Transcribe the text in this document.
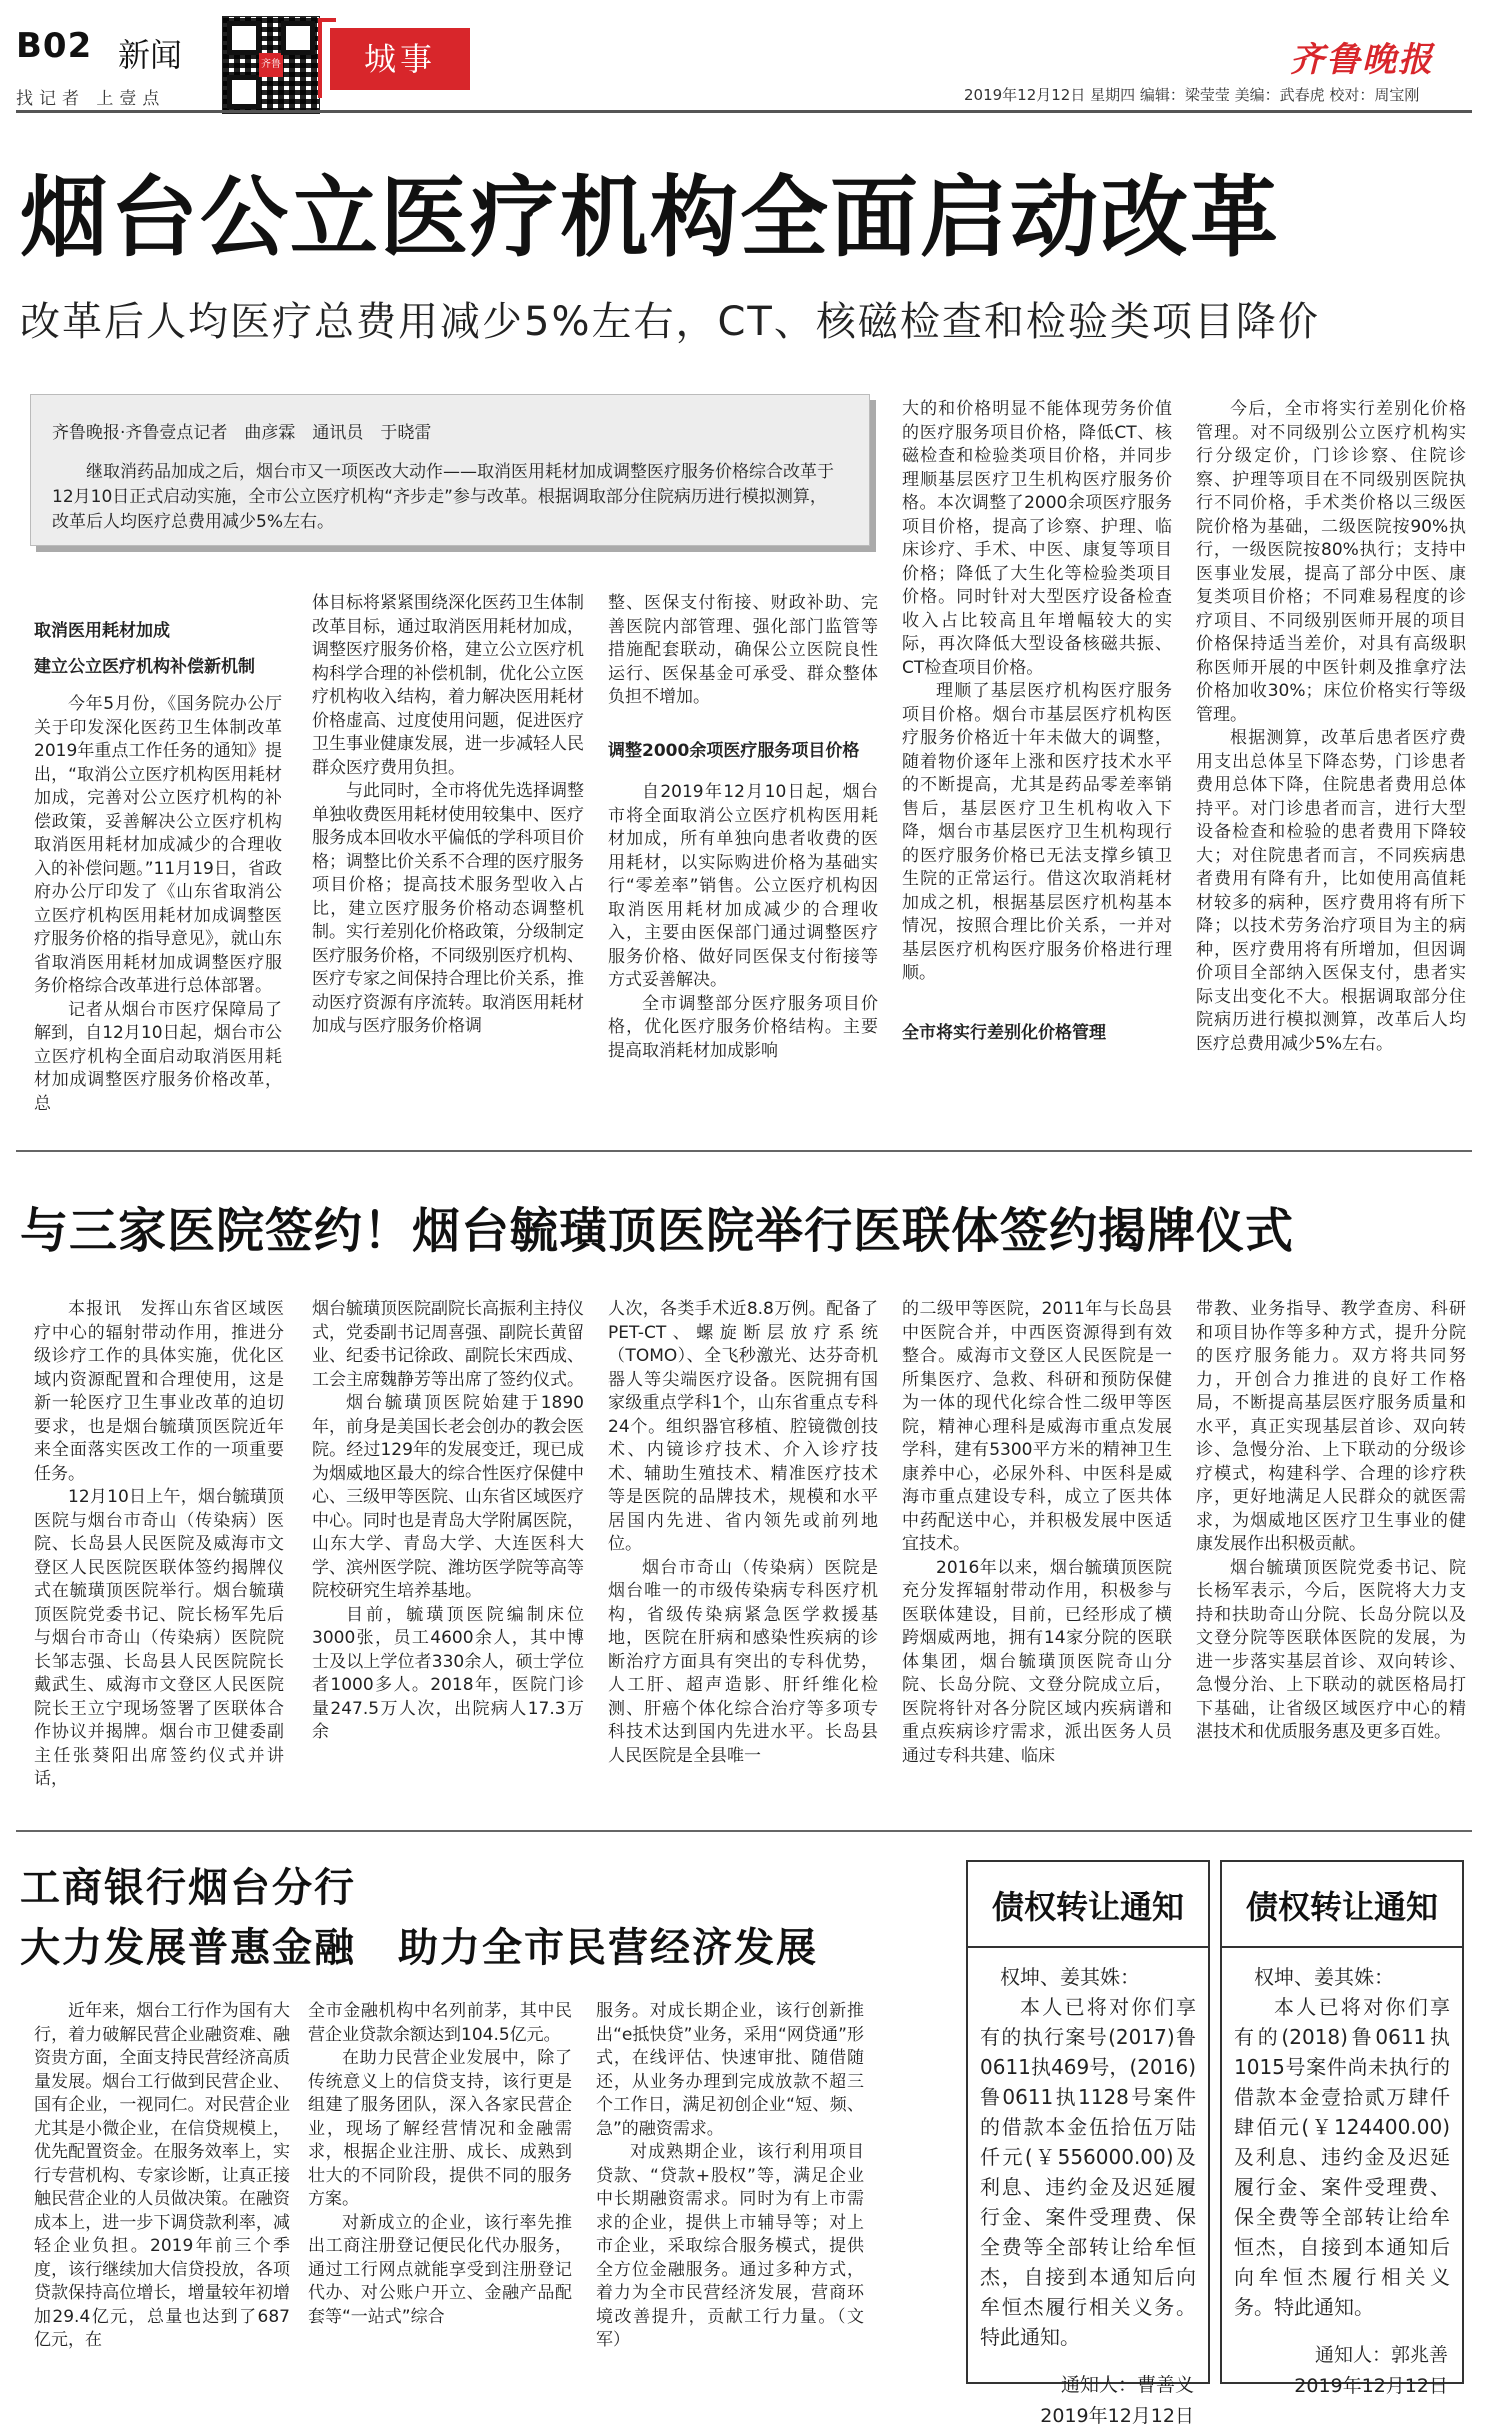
B02 新闻
找记者 上壹点
齐鲁	城事	齐鲁晚报
2019年12月12日 星期四 编辑：梁莹莹 美编：武春虎 校对：周宝刚
烟台公立医疗机构全面启动改革
改革后人均医疗总费用减少5%左右，CT、核磁检查和检验类项目降价
齐鲁晚报·齐鲁壹点记者　曲彦霖　通讯员　于晓雷

继取消药品加成之后，烟台市又一项医改大动作——取消医用耗材加成调整医疗服务价格综合改革于12月10日正式启动实施，全市公立医疗机构“齐步走”参与改革。根据调取部分住院病历进行模拟测算，改革后人均医疗总费用减少5%左右。

取消医用耗材加成
建立公立医疗机构补偿新机制

今年5月份，《国务院办公厅关于印发深化医药卫生体制改革2019年重点工作任务的通知》提出，“取消公立医疗机构医用耗材加成，完善对公立医疗机构的补偿政策，妥善解决公立医疗机构取消医用耗材加成减少的合理收入的补偿问题。”11月19日，省政府办公厅印发了《山东省取消公立医疗机构医用耗材加成调整医疗服务价格的指导意见》，就山东省取消医用耗材加成调整医疗服务价格综合改革进行总体部署。

记者从烟台市医疗保障局了解到，自12月10日起，烟台市公立医疗机构全面启动取消医用耗材加成调整医疗服务价格改革，总

体目标将紧紧围绕深化医药卫生体制改革目标，通过取消医用耗材加成，调整医疗服务价格，建立公立医疗机构科学合理的补偿机制，优化公立医疗机构收入结构，着力解决医用耗材价格虚高、过度使用问题，促进医疗卫生事业健康发展，进一步减轻人民群众医疗费用负担。

与此同时，全市将优先选择调整单独收费医用耗材使用较集中、医疗服务成本回收水平偏低的学科项目价格；调整比价关系不合理的医疗服务项目价格；提高技术服务型收入占比，建立医疗服务价格动态调整机制。实行差别化价格政策，分级制定医疗服务价格，不同级别医疗机构、医疗专家之间保持合理比价关系，推动医疗资源有序流转。取消医用耗材加成与医疗服务价格调

整、医保支付衔接、财政补助、完善医院内部管理、强化部门监管等措施配套联动，确保公立医院良性运行、医保基金可承受、群众整体负担不增加。

调整2000余项医疗服务项目价格

自2019年12月10日起，烟台市将全面取消公立医疗机构医用耗材加成，所有单独向患者收费的医用耗材，以实际购进价格为基础实行“零差率”销售。公立医疗机构因取消医用耗材加成减少的合理收入，主要由医保部门通过调整医疗服务价格、做好同医保支付衔接等方式妥善解决。

全市调整部分医疗服务项目价格，优化医疗服务价格结构。主要提高取消耗材加成影响

大的和价格明显不能体现劳务价值的医疗服务项目价格，降低CT、核磁检查和检验类项目价格，并同步理顺基层医疗卫生机构医疗服务价格。本次调整了2000余项医疗服务项目价格，提高了诊察、护理、临床诊疗、手术、中医、康复等项目价格；降低了大生化等检验类项目价格。同时针对大型医疗设备检查收入占比较高且年增幅较大的实际，再次降低大型设备核磁共振、CT检查项目价格。

理顺了基层医疗机构医疗服务项目价格。烟台市基层医疗机构医疗服务价格近十年未做大的调整，随着物价逐年上涨和医疗技术水平的不断提高，尤其是药品零差率销售后，基层医疗卫生机构收入下降，烟台市基层医疗卫生机构现行的医疗服务价格已无法支撑乡镇卫生院的正常运行。借这次取消耗材加成之机，根据基层医疗机构基本情况，按照合理比价关系，一并对基层医疗机构医疗服务价格进行理顺。

全市将实行差别化价格管理

今后，全市将实行差别化价格管理。对不同级别公立医疗机构实行分级定价，门诊诊察、住院诊察、护理等项目在不同级别医院执行不同价格，手术类价格以三级医院价格为基础，二级医院按90%执行，一级医院按80%执行；支持中医事业发展，提高了部分中医、康复类项目价格；不同难易程度的诊疗项目、不同级别医师开展的项目价格保持适当差价，对具有高级职称医师开展的中医针刺及推拿疗法价格加收30%；床位价格实行等级管理。

根据测算，改革后患者医疗费用支出总体呈下降态势，门诊患者费用总体下降，住院患者费用总体持平。对门诊患者而言，进行大型设备检查和检验的患者费用下降较大；对住院患者而言，不同疾病患者费用有降有升，比如使用高值耗材较多的病种，医疗费用将有所下降；以技术劳务治疗项目为主的病种，医疗费用将有所增加，但因调价项目全部纳入医保支付，患者实际支出变化不大。根据调取部分住院病历进行模拟测算，改革后人均医疗总费用减少5%左右。

与三家医院签约！烟台毓璜顶医院举行医联体签约揭牌仪式

本报讯　发挥山东省区域医疗中心的辐射带动作用，推进分级诊疗工作的具体实施，优化区域内资源配置和合理使用，这是新一轮医疗卫生事业改革的迫切要求，也是烟台毓璜顶医院近年来全面落实医改工作的一项重要任务。

12月10日上午，烟台毓璜顶医院与烟台市奇山（传染病）医院、长岛县人民医院及威海市文登区人民医院医联体签约揭牌仪式在毓璜顶医院举行。烟台毓璜顶医院党委书记、院长杨军先后与烟台市奇山（传染病）医院院长邹志强、长岛县人民医院院长戴武生、威海市文登区人民医院院长王立宁现场签署了医联体合作协议并揭牌。烟台市卫健委副主任张葵阳出席签约仪式并讲话，

烟台毓璜顶医院副院长高振利主持仪式，党委副书记周喜强、副院长黄留业、纪委书记徐政、副院长宋西成、工会主席魏静芳等出席了签约仪式。

烟台毓璜顶医院始建于1890年，前身是美国长老会创办的教会医院。经过129年的发展变迁，现已成为烟威地区最大的综合性医疗保健中心、三级甲等医院、山东省区域医疗中心。同时也是青岛大学附属医院，山东大学、青岛大学、大连医科大学、滨州医学院、潍坊医学院等高等院校研究生培养基地。

目前，毓璜顶医院编制床位3000张，员工4600余人，其中博士及以上学位者330余人，硕士学位者1000多人。2018年，医院门诊量247.5万人次，出院病人17.3万余

人次，各类手术近8.8万例。配备了PET-CT、螺旋断层放疗系统（TOMO）、全飞秒激光、达芬奇机器人等尖端医疗设备。医院拥有国家级重点学科1个，山东省重点专科24个。组织器官移植、腔镜微创技术、内镜诊疗技术、介入诊疗技术、辅助生殖技术、精准医疗技术等是医院的品牌技术，规模和水平居国内先进、省内领先或前列地位。

烟台市奇山（传染病）医院是烟台唯一的市级传染病专科医疗机构，省级传染病紧急医学救援基地，医院在肝病和感染性疾病的诊断治疗方面具有突出的专科优势，人工肝、超声造影、肝纤维化检测、肝癌个体化综合治疗等多项专科技术达到国内先进水平。长岛县人民医院是全县唯一

的二级甲等医院，2011年与长岛县中医院合并，中西医资源得到有效整合。威海市文登区人民医院是一所集医疗、急救、科研和预防保健为一体的现代化综合性二级甲等医院，精神心理科是威海市重点发展学科，建有5300平方米的精神卫生康养中心，必尿外科、中医科是威海市重点建设专科，成立了医共体中药配送中心，并积极发展中医适宜技术。

2016年以来，烟台毓璜顶医院充分发挥辐射带动作用，积极参与医联体建设，目前，已经形成了横跨烟威两地，拥有14家分院的医联体集团，烟台毓璜顶医院奇山分院、长岛分院、文登分院成立后，医院将针对各分院区域内疾病谱和重点疾病诊疗需求，派出医务人员通过专科共建、临床

带教、业务指导、教学查房、科研和项目协作等多种方式，提升分院的医疗服务能力。双方将共同努力，开创合力推进的良好工作格局，不断提高基层医疗服务质量和水平，真正实现基层首诊、双向转诊、急慢分治、上下联动的分级诊疗模式，构建科学、合理的诊疗秩序，更好地满足人民群众的就医需求，为烟威地区医疗卫生事业的健康发展作出积极贡献。

烟台毓璜顶医院党委书记、院长杨军表示，今后，医院将大力支持和扶助奇山分院、长岛分院以及文登分院等医联体医院的发展，为进一步落实基层首诊、双向转诊、急慢分治、上下联动的就医格局打下基础，让省级区域医疗中心的精湛技术和优质服务惠及更多百姓。

工商银行烟台分行
大力发展普惠金融　助力全市民营经济发展

近年来，烟台工行作为国有大行，着力破解民营企业融资难、融资贵方面，全面支持民营经济高质量发展。烟台工行做到民营企业、国有企业，一视同仁。对民营企业尤其是小微企业，在信贷规模上，优先配置资金。在服务效率上，实行专营机构、专家诊断，让真正接触民营企业的人员做决策。在融资成本上，进一步下调贷款利率，减轻企业负担。2019年前三个季度，该行继续加大信贷投放，各项贷款保持高位增长，增量较年初增加29.4亿元，总量也达到了687亿元，在

全市金融机构中名列前茅，其中民营企业贷款余额达到104.5亿元。

在助力民营企业发展中，除了传统意义上的信贷支持，该行更是组建了服务团队，深入各家民营企业，现场了解经营情况和金融需求，根据企业注册、成长、成熟到壮大的不同阶段，提供不同的服务方案。

对新成立的企业，该行率先推出工商注册登记便民化代办服务，通过工行网点就能享受到注册登记代办、对公账户开立、金融产品配套等“一站式”综合

服务。对成长期企业，该行创新推出“e抵快贷”业务，采用“网贷通”形式，在线评估、快速审批、随借随还，从业务办理到完成放款不超三个工作日，满足初创企业“短、频、急”的融资需求。

对成熟期企业，该行利用项目贷款、“贷款+股权”等，满足企业中长期融资需求。同时为有上市需求的企业，提供上市辅导等；对上市企业，采取综合服务模式，提供全方位金融服务。通过多种方式，着力为全市民营经济发展，营商环境改善提升，贡献工行力量。（文军）

债权转让通知
权坤、姜其姝：

本人已将对你们享有的执行案号(2017)鲁0611执469号，(2016)鲁0611执1128号案件的借款本金伍拾伍万陆仟元(￥556000.00)及利息、违约金及迟延履行金、案件受理费、保全费等全部转让给牟恒杰，自接到本通知后向牟恒杰履行相关义务。特此通知。

通知人：曹善义
2019年12月12日
债权转让通知
权坤、姜其姝：

本人已将对你们享有的(2018)鲁0611执1015号案件尚未执行的借款本金壹拾贰万肆仟肆佰元(￥124400.00)及利息、违约金及迟延履行金、案件受理费、保全费等全部转让给牟恒杰，自接到本通知后向牟恒杰履行相关义务。特此通知。

通知人：郭兆善
2019年12月12日
